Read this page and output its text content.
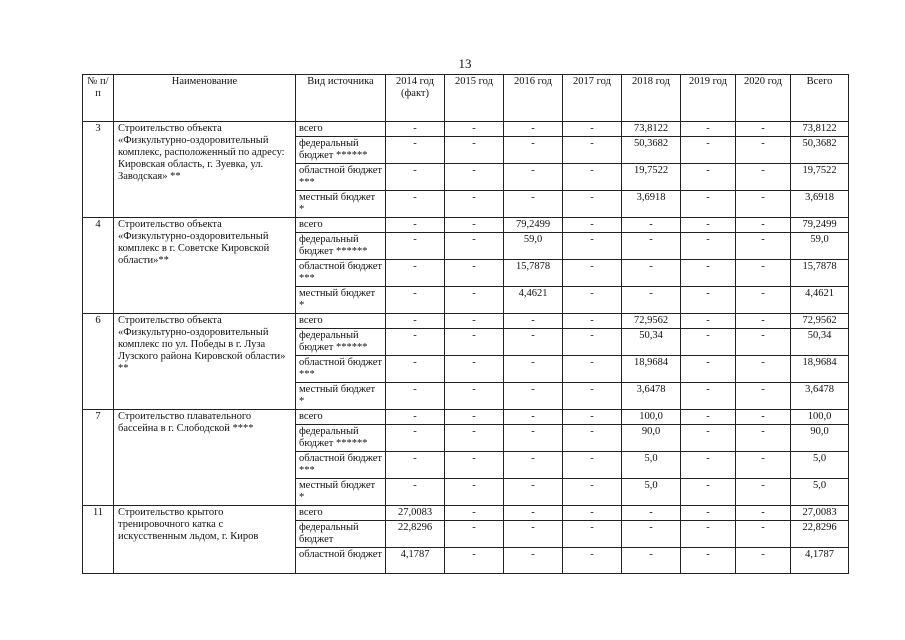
13
№ п/п	Наименование	Вид источника	2014 год (факт)	2015 год	2016 год	2017 год	2018 год	2019 год	2020 год	Всего
3	Строительство объекта «Физкультурно-оздоровительный комплекс, расположенный по адресу: Кировская область, г. Зуевка, ул. Заводская» **	всего	-	-	-	-	73,8122	-	-	73,8122
		федеральный бюджет ******	-	-	-	-	50,3682	-	-	50,3682
		областной бюджет ***	-	-	-	-	19,7522	-	-	19,7522
		местный бюджет *	-	-	-	-	3,6918	-	-	3,6918
4	Строительство объекта «Физкультурно-оздоровительный комплекс в г. Советске Кировской области»**	всего	-	-	79,2499	-	-	-	-	79,2499
		федеральный бюджет ******	-	-	59,0	-	-	-	-	59,0
		областной бюджет ***	-	-	15,7878	-	-	-	-	15,7878
		местный бюджет *	-	-	4,4621	-	-	-	-	4,4621
6	Строительство объекта «Физкультурно-оздоровительный комплекс по ул. Победы в г. Луза Лузского района Кировской области» **	всего	-	-	-	-	72,9562	-	-	72,9562
		федеральный бюджет ******	-	-	-	-	50,34	-	-	50,34
		областной бюджет ***	-	-	-	-	18,9684	-	-	18,9684
		местный бюджет *	-	-	-	-	3,6478	-	-	3,6478
7	Строительство плавательного бассейна в г. Слободской ****	всего	-	-	-	-	100,0	-	-	100,0
		федеральный бюджет ******	-	-	-	-	90,0	-	-	90,0
		областной бюджет ***	-	-	-	-	5,0	-	-	5,0
		местный бюджет *	-	-	-	-	5,0	-	-	5,0
11	Строительство крытого тренировочного катка с искусственным льдом, г. Киров	всего	27,0083	-	-	-	-	-	-	27,0083
		федеральный бюджет	22,8296	-	-	-	-	-	-	22,8296
		областной бюджет	4,1787	-	-	-	-	-	-	4,1787
